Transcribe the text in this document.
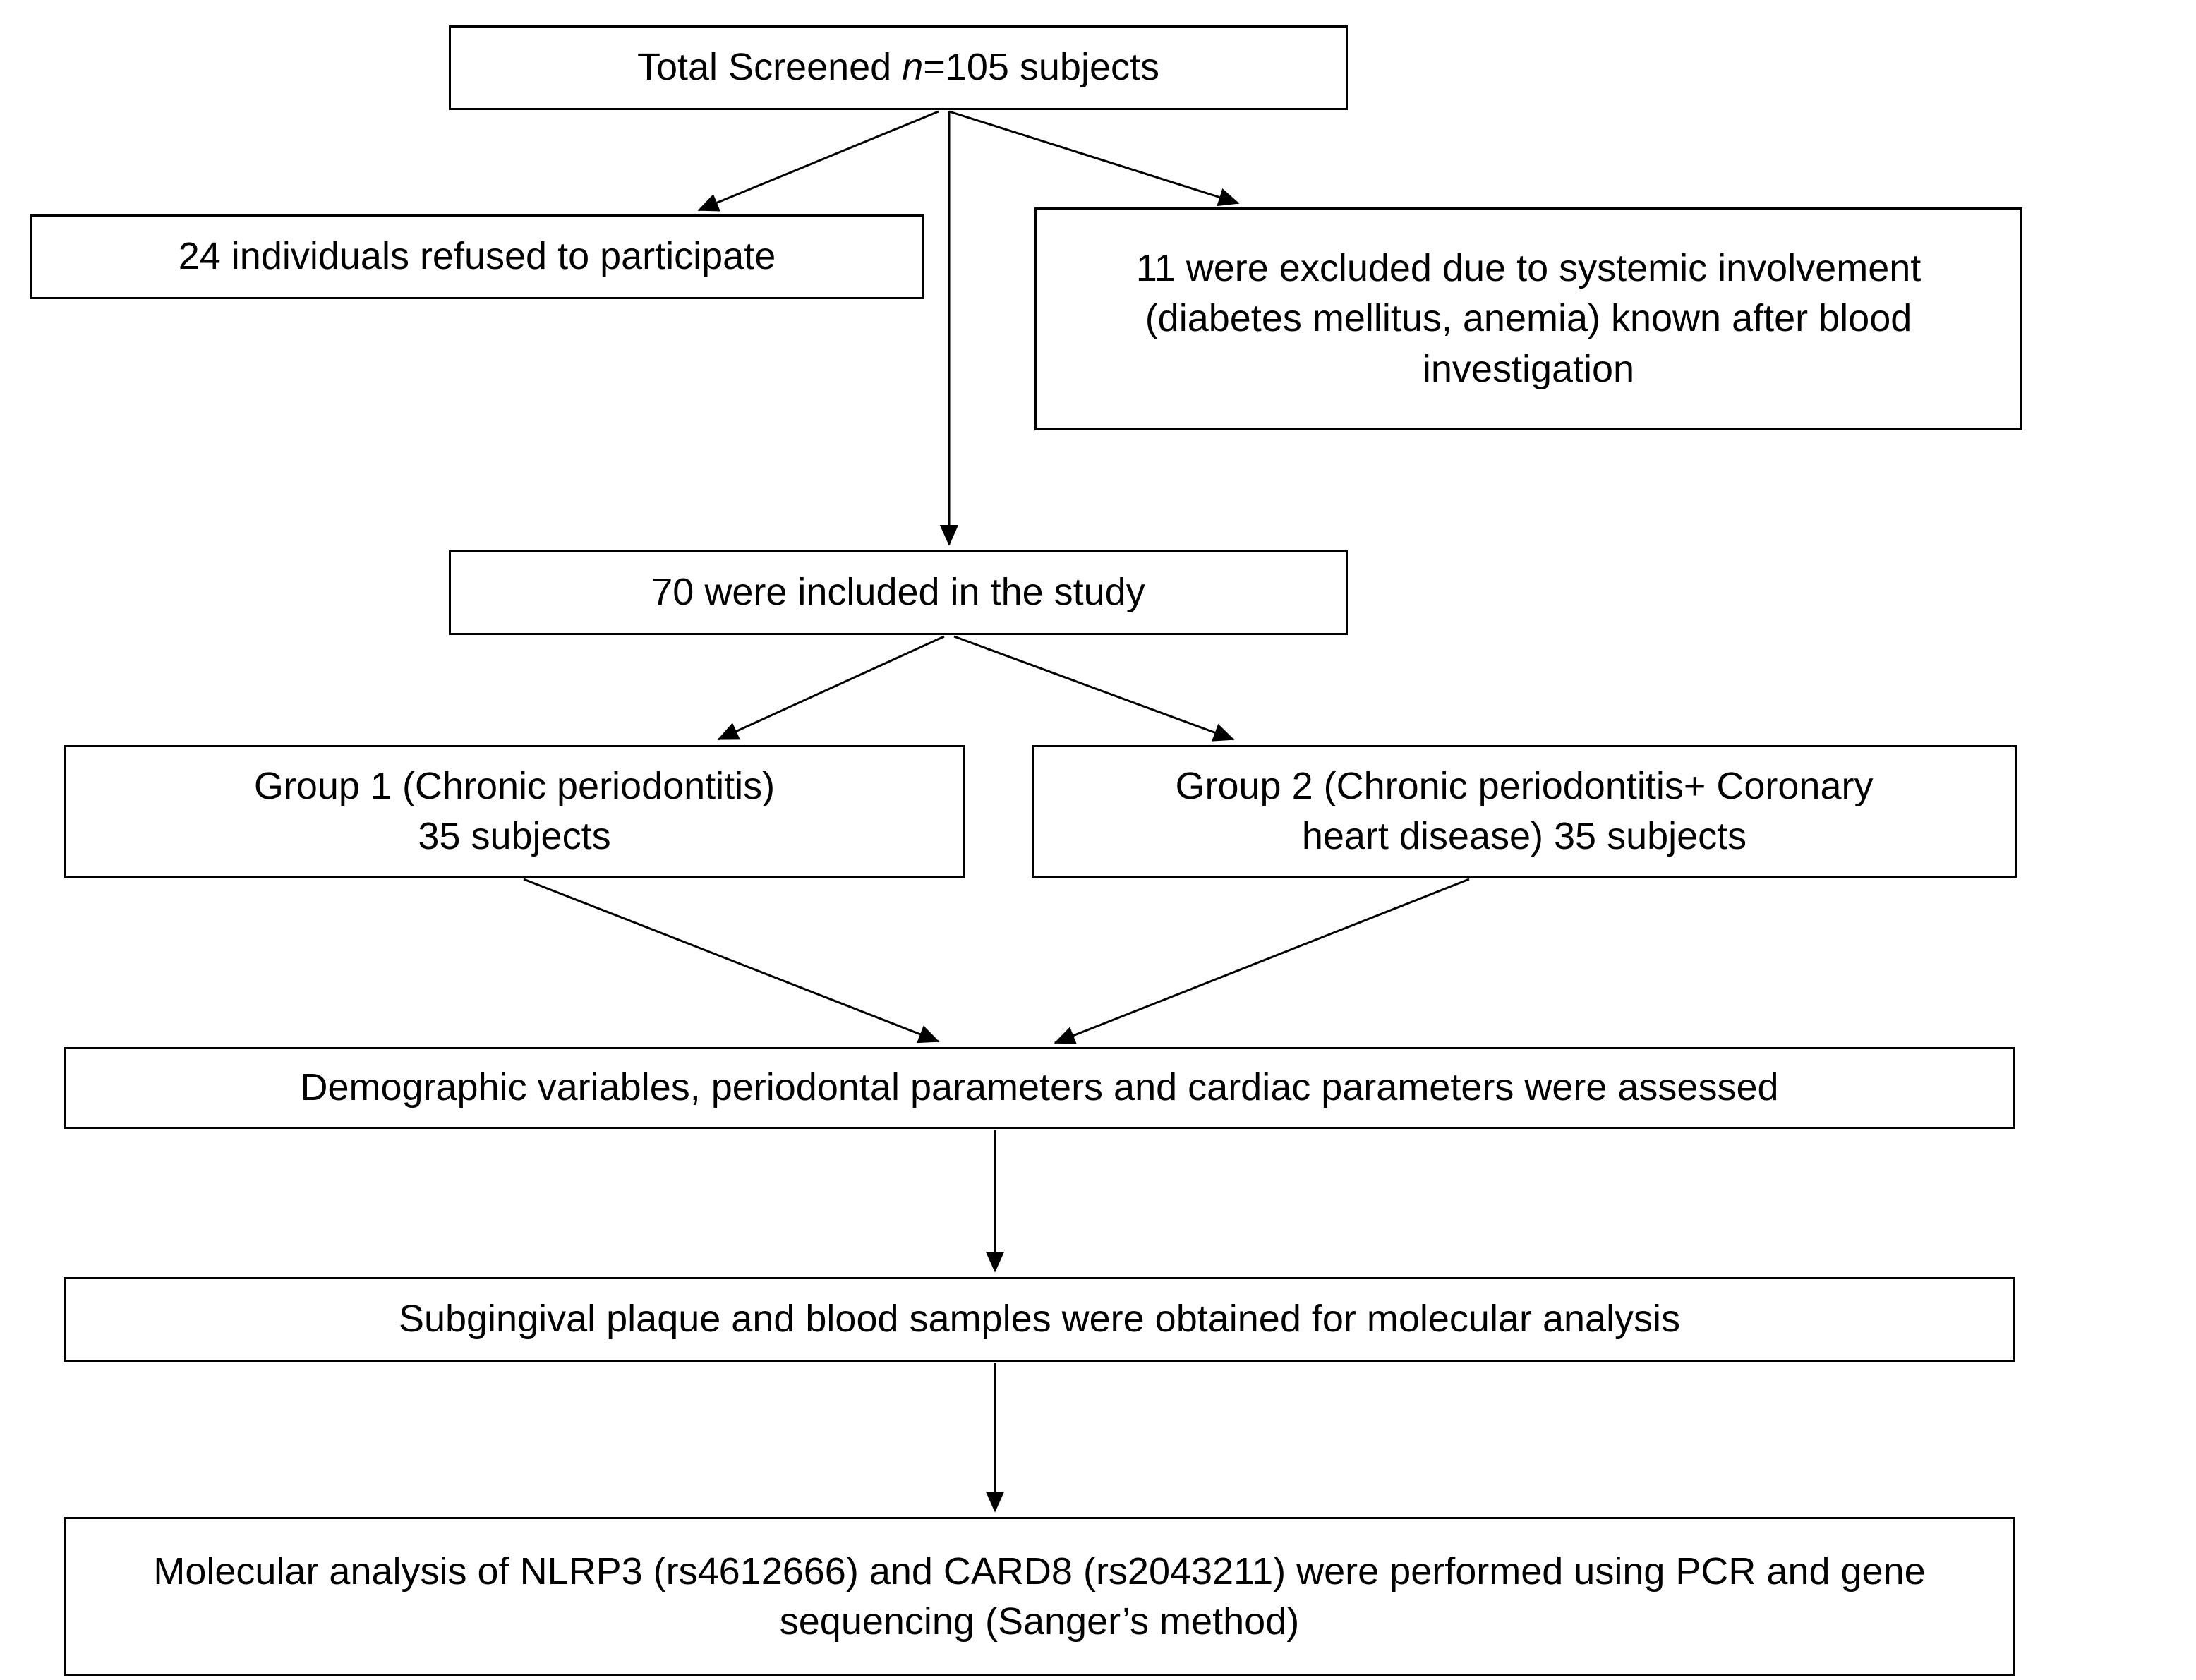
Total Screened n=105 subjects
24 individuals refused to participate	11 were excluded due to systemic involvement (diabetes mellitus, anemia) known after blood investigation
70 were included in the study
Group 1 (Chronic periodontitis)
35 subjects
Group 2 (Chronic periodontitis+ Coronary
heart disease) 35 subjects
Demographic variables, periodontal parameters and cardiac parameters were assessed
Subgingival plaque and blood samples were obtained for molecular analysis
Molecular analysis of NLRP3 (rs4612666) and CARD8 (rs2043211) were performed using PCR and gene sequencing (Sanger’s method)
